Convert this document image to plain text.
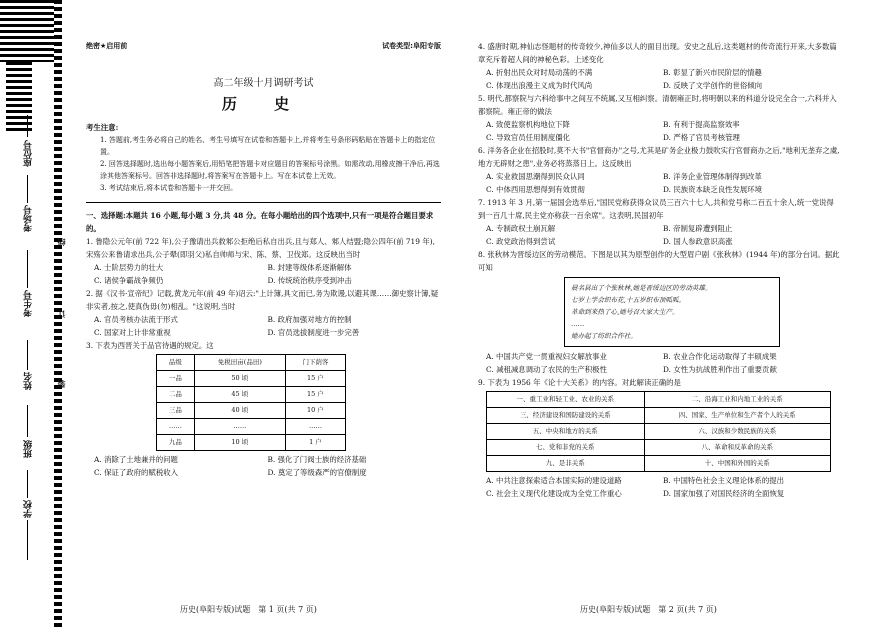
座位号
考场号
考生号
姓名
班级
学校
线
订
装
绝密★启用前	试卷类型:阜阳专版
高二年级十月调研考试
历 史

考生注意:

1. 答题前,考生务必将自己的姓名、考生号填写在试卷和答题卡上,并将考生号条形码粘贴在答题卡上的指定位置。

2. 回答选择题时,选出每小题答案后,用铅笔把答题卡对应题目的答案标号涂黑。如需改动,用橡皮擦干净后,再选涂其他答案标号。回答非选择题时,将答案写在答题卡上。写在本试卷上无效。

3. 考试结束后,将本试卷和答题卡一并交回。

一、选择题:本题共 16 小题,每小题 3 分,共 48 分。在每小题给出的四个选项中,只有一项是符合题目要求的。

1. 鲁隐公元年(前 722 年),公子豫请出兵救邾公拒绝后私自出兵,且与郑人、邾人结盟;隐公四年(前 719 年),宋殇公来鲁请求出兵,公子翚(即羽父)私自帅师与宋、陈、蔡、卫伐郑。这反映出当时

A. 士阶层势力的壮大	B. 封建等级体系逐渐解体
C. 诸侯争霸战争频仍	D. 传统统治秩序受到冲击

2. 据《汉书·宣帝纪》记载,黄龙元年(前 49 年)诏云:"上计簿,具文而已,务为欺谩,以避其课……御史察计簿,疑非实者,按之,使真伪毋(勿)相乱。"这说明,当时

A. 官员考核办法流于形式	B. 政府加强对地方的控制
C. 国家对上计非常重视	D. 官员选拔制度进一步完善

3. 下表为西晋关于品官待遇的规定。这

品级	免税田亩(品田)	门下荫客
一品	50 顷	15 户
二品	45 顷	15 户
三品	40 顷	10 户
……	……	……
九品	10 顷	1 户
A. 消除了土地兼并的问题	B. 强化了门阀士族的经济基础
C. 保证了政府的赋税收入	D. 奠定了等级森严的官僚制度

4. 盛唐时期,神仙志怪题材的传奇较少,神仙多以人的面目出现。安史之乱后,这类题材的传奇流行开来,大多数篇章充斥着超人间的神秘色彩。上述变化

A. 折射出民众对时局动荡的不满	B. 彰显了新兴市民阶层的情趣
C. 体现出浪漫主义成为时代风尚	D. 反映了文学创作的世俗倾向

5. 明代,都察院与六科给事中之间互不统属,又互相纠察。清朝雍正时,将明朝以来的科道分设完全合一,六科并入都察院。雍正帝的做法

A. 致使监察机构地位下降	B. 有利于提高监察效率
C. 导致官员任用制度僵化	D. 严格了官员考核管理

6. 洋务各企业在招股时,莫不大书"官督商办"之号,尤其是矿务企业极力鼓吹实行官督商办之后,"地利无垄弃之虞,地方无辟财之患",业务必将蒸蒸日上。这反映出

A. 实业救国思潮得到民众认同	B. 洋务企业管理体制得到改革
C. 中体西用思想得到有效贯彻	D. 民族资本缺乏良性发展环境

7. 1913 年 3 月,第一届国会选举后,"国民党称获得众议员三百六十七人,共和党号称二百五十余人,统一党说得到一百几十席,民主党亦称获一百余席"。这表明,民国初年

A. 专制政权土崩瓦解	B. 帝制复辟遭到阻止
C. 政党政治得到尝试	D. 国人参政意识高涨

8. 张秋林为晋绥边区的劳动模范。下图是以其为原型创作的大型眉户剧《张秋林》(1944 年)的部分台词。据此可知

晨名县出了个张秋林,她是晋绥边区的劳动英雄。
七岁上学会织布花,十五岁织布顶呱呱。
革命到来热了心,她号召大家大生产。
……
她办起了纺织合作社。
A. 中国共产党一贯重视妇女解放事业	B. 农业合作化运动取得了丰硕成果
C. 减租减息调动了农民的生产积极性	D. 女性为抗战胜利作出了重要贡献

9. 下表为 1956 年《论十大关系》的内容。对此解读正确的是

一、重工业和轻工业、农业的关系	二、沿海工业和内地工业的关系
三、经济建设和国防建设的关系	四、国家、生产单位和生产者个人的关系
五、中央和地方的关系	六、汉族和少数民族的关系
七、党和非党的关系	八、革命和反革命的关系
九、是非关系	十、中国和外国的关系
A. 中共注意探索适合本国实际的建设道路	B. 中国特色社会主义理论体系的提出
C. 社会主义现代化建设成为全党工作重心	D. 国家加强了对国民经济的全面恢复
历史(阜阳专版)试题　第 1 页(共 7 页)	历史(阜阳专版)试题　第 2 页(共 7 页)
